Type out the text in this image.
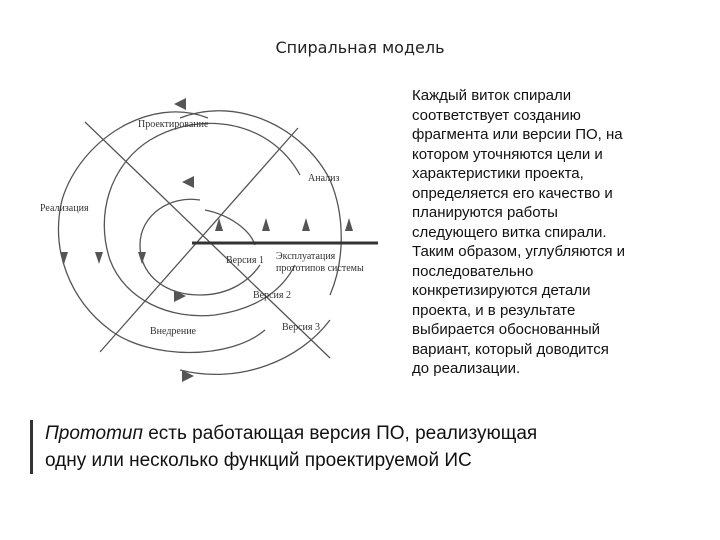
Спиральная модель
Проектирование
Анализ
Реализация
Эксплуатация
прототипов системы
Внедрение
Версия 1
Версия 2
Версия 3
Каждый виток спирали
соответствует созданию
фрагмента или версии ПО, на
котором уточняются цели и
характеристики проекта,
определяется его качество и
планируются работы
следующего витка спирали.
Таким образом, углубляются и
последовательно
конкретизируются детали
проекта, и в результате
выбирается обоснованный
вариант, который доводится
до реализации.
Прототип есть работающая версия ПО, реализующая
одну или несколько функций проектируемой ИС
